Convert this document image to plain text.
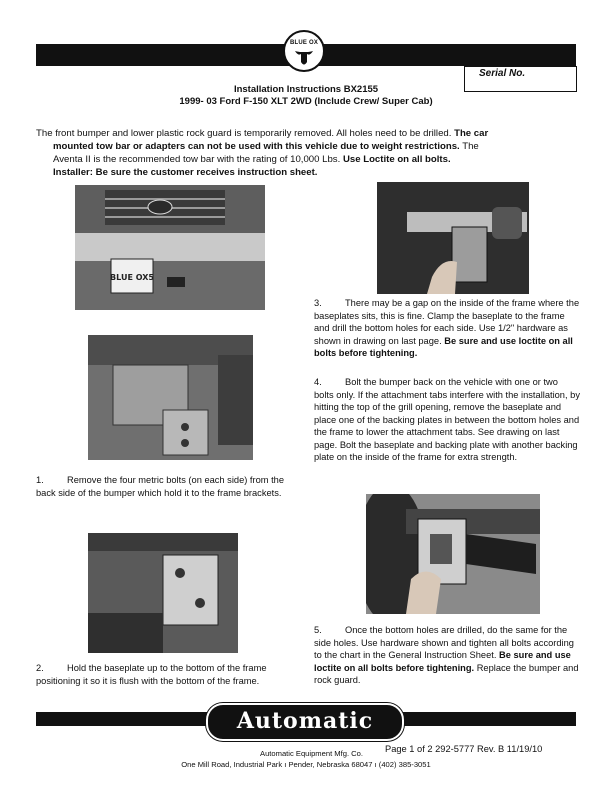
BLUE OX
Serial No.
Installation Instructions BX2155
1999- 03 Ford F-150 XLT 2WD (Include Crew/ Super Cab)

The front bumper and lower plastic rock guard is temporarily removed. All holes need to be drilled. The car

mounted tow bar or adapters can not be used with this vehicle due to weight restrictions. The

Aventa II is the recommended tow bar with the rating of 10,000 Lbs. Use Loctite on all bolts.

Installer: Be sure the customer receives instruction sheet.

BLUE OX5
1. Remove the four metric bolts (on each side) from the back side of the bumper which hold it to the frame brackets.
2. Hold the baseplate up to the bottom of the frame positioning it so it is flush with the bottom of the frame.
3. There may be a gap on the inside of the frame where the baseplates sits, this is fine. Clamp the baseplate to the frame and drill the bottom holes for each side. Use 1/2" hardware as shown in drawing on last page. Be sure and use loctite on all bolts before tightening.
4. Bolt the bumper back on the vehicle with one or two bolts only. If the attachment tabs interfere with the installation, by hitting the top of the grill opening, remove the baseplate and place one of the backing plates in between the bottom holes and the frame to lower the attachment tabs. See drawing on last page. Bolt the baseplate and backing plate with another backing plate on the inside of the frame for extra strength.
5. Once the bottom holes are drilled, do the same for the side holes. Use hardware shown and tighten all bolts according to the chart in the General Instruction Sheet. Be sure and use loctite on all bolts before tightening. Replace the bumper and rock guard.
Automatic
Automatic Equipment Mfg. Co. Page 1 of 2 292-5777 Rev. B 11/19/10
One Mill Road, Industrial Park ı Pender, Nebraska 68047 ı (402) 385-3051
